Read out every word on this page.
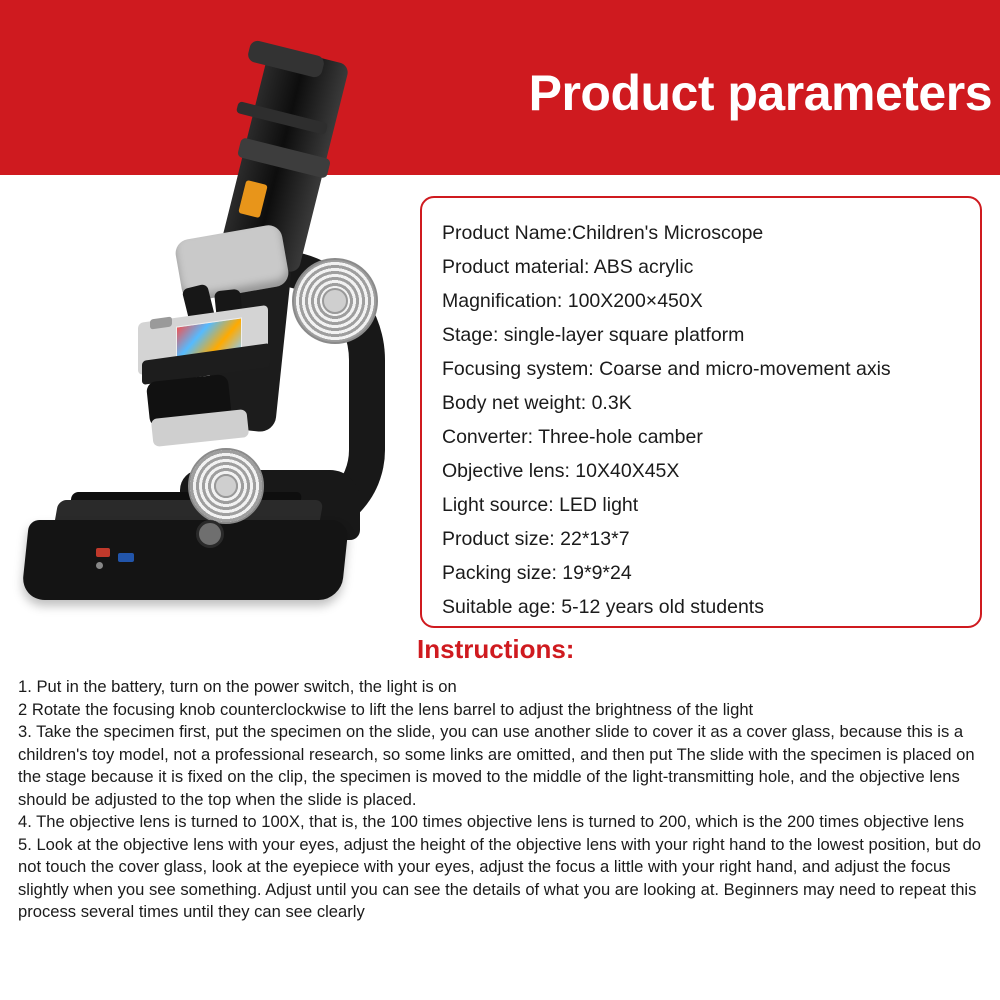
Product parameters
Product Name:Children's Microscope
Product material: ABS acrylic
Magnification: 100X200×450X
Stage: single-layer square platform
Focusing system: Coarse and micro-movement axis
Body net weight: 0.3K
Converter: Three-hole camber
Objective lens: 10X40X45X
Light source: LED light
Product size: 22*13*7
Packing size: 19*9*24
Suitable age: 5-12 years old students
Instructions:

1. Put in the battery, turn on the power switch, the light is on

2 Rotate the focusing knob counterclockwise to lift the lens barrel to adjust the brightness of the light

3. Take the specimen first, put the specimen on the slide, you can use another slide to cover it as a cover glass, because this is a children's toy model, not a professional research, so some links are omitted, and then put The slide with the specimen is placed on the stage because it is fixed on the clip, the specimen is moved to the middle of the light-transmitting hole, and the objective lens should be adjusted to the top when the slide is placed.

4. The objective lens is turned to 100X, that is, the 100 times objective lens is turned to 200, which is the 200 times objective lens

5. Look at the objective lens with your eyes, adjust the height of the objective lens with your right hand to the lowest position, but do not touch the cover glass, look at the eyepiece with your eyes, adjust the focus a little with your right hand, and adjust the focus slightly when you see something. Adjust until you can see the details of what you are looking at. Beginners may need to repeat this process several times until they can see clearly
